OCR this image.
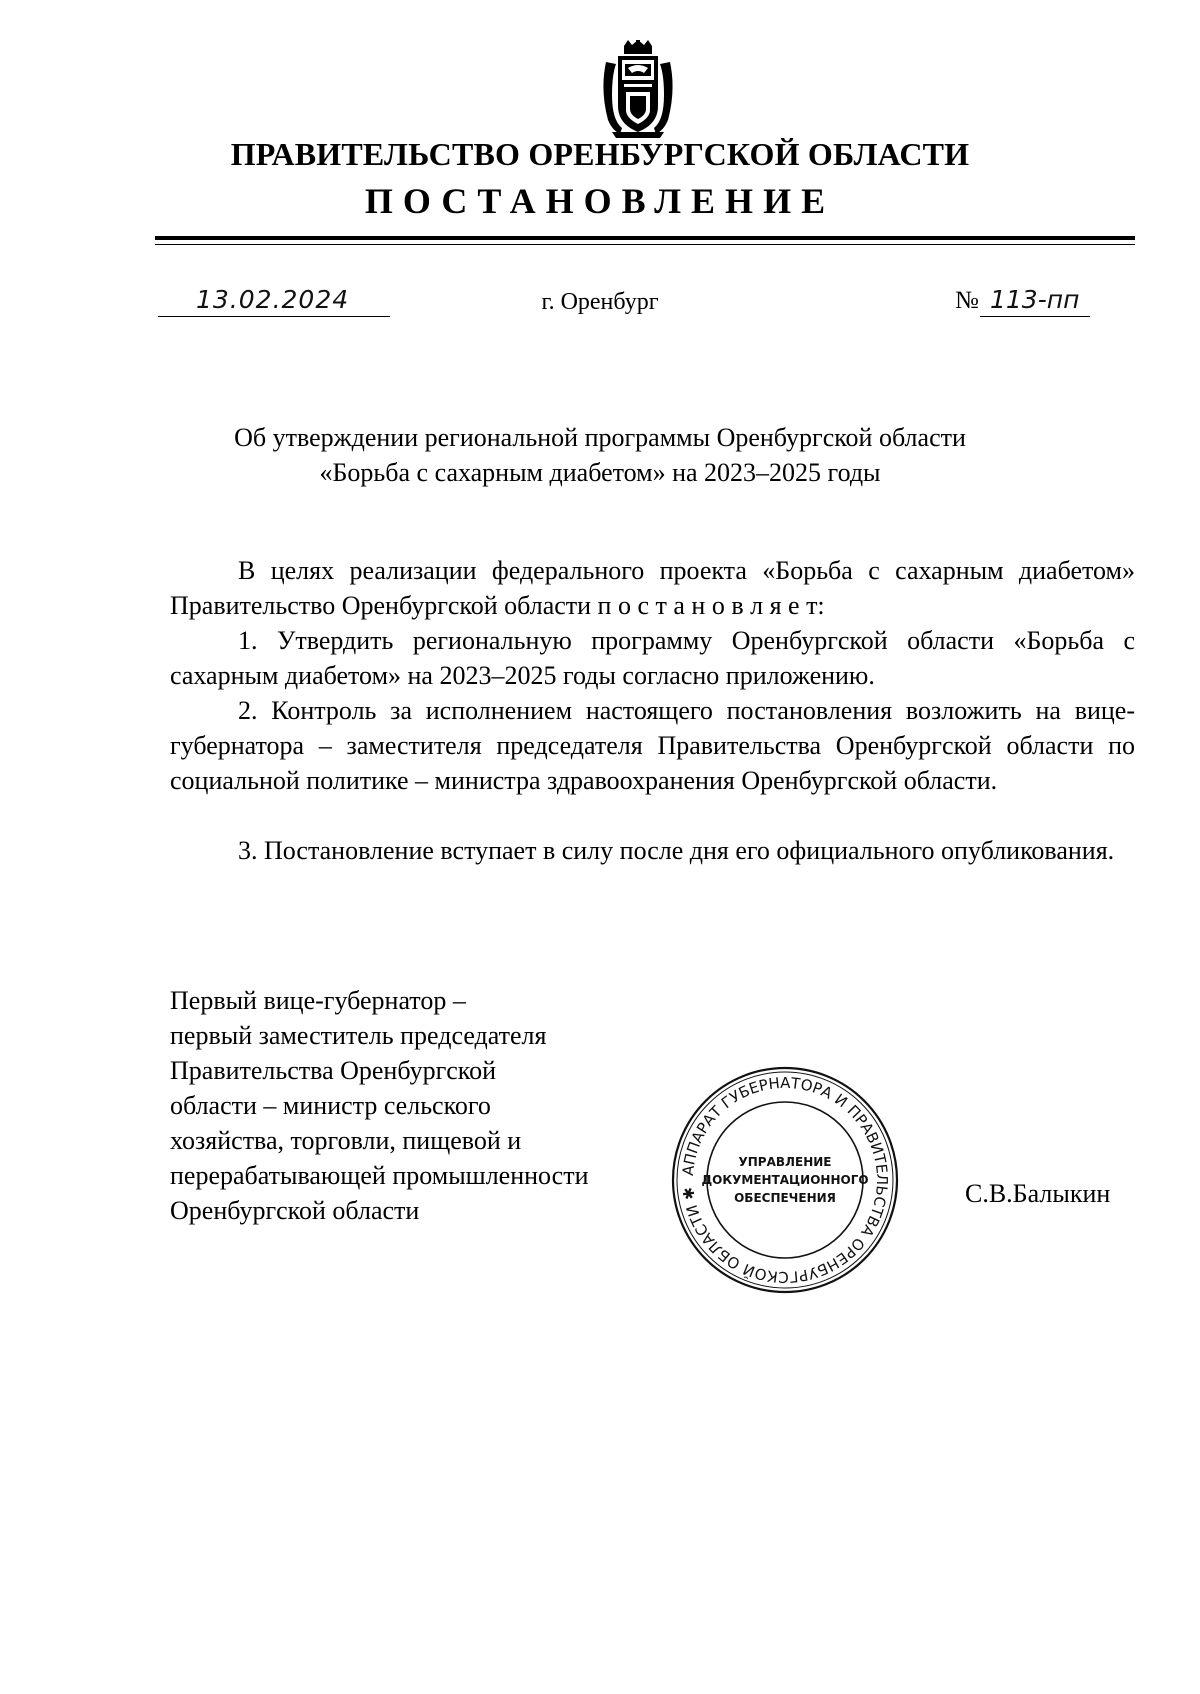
ПРАВИТЕЛЬСТВО ОРЕНБУРГСКОЙ ОБЛАСТИ
ПОСТАНОВЛЕНИЕ
13.02.2024	г. Оренбург	№ 113-пп
Об утверждении региональной программы Оренбургской области
«Борьба с сахарным диабетом» на 2023–2025 годы
В целях реализации федерального проекта «Борьба с сахарным диабетом» Правительство Оренбургской области п о с т а н о в л я е т:
1. Утвердить региональную программу Оренбургской области «Борьба с сахарным диабетом» на 2023–2025 годы согласно приложению.
2. Контроль за исполнением настоящего постановления возложить на вице-губернатора – заместителя председателя Правительства Оренбургской области по социальной политике – министра здравоохранения Оренбургской области.
3. Постановление вступает в силу после дня его официального опубликования.
Первый вице-губернатор –
первый заместитель председателя
Правительства Оренбургской
области – министр сельского
хозяйства, торговли, пищевой и
перерабатывающей промышленности
Оренбургской области
С.В.Балыкин
АППАРАТ ГУБЕРНАТОРА И ПРАВИТЕЛЬСТВА ОРЕНБУРГСКОЙ ОБЛАСТИ ✱
УПРАВЛЕНИЕ
ДОКУМЕНТАЦИОННОГО
ОБЕСПЕЧЕНИЯ
